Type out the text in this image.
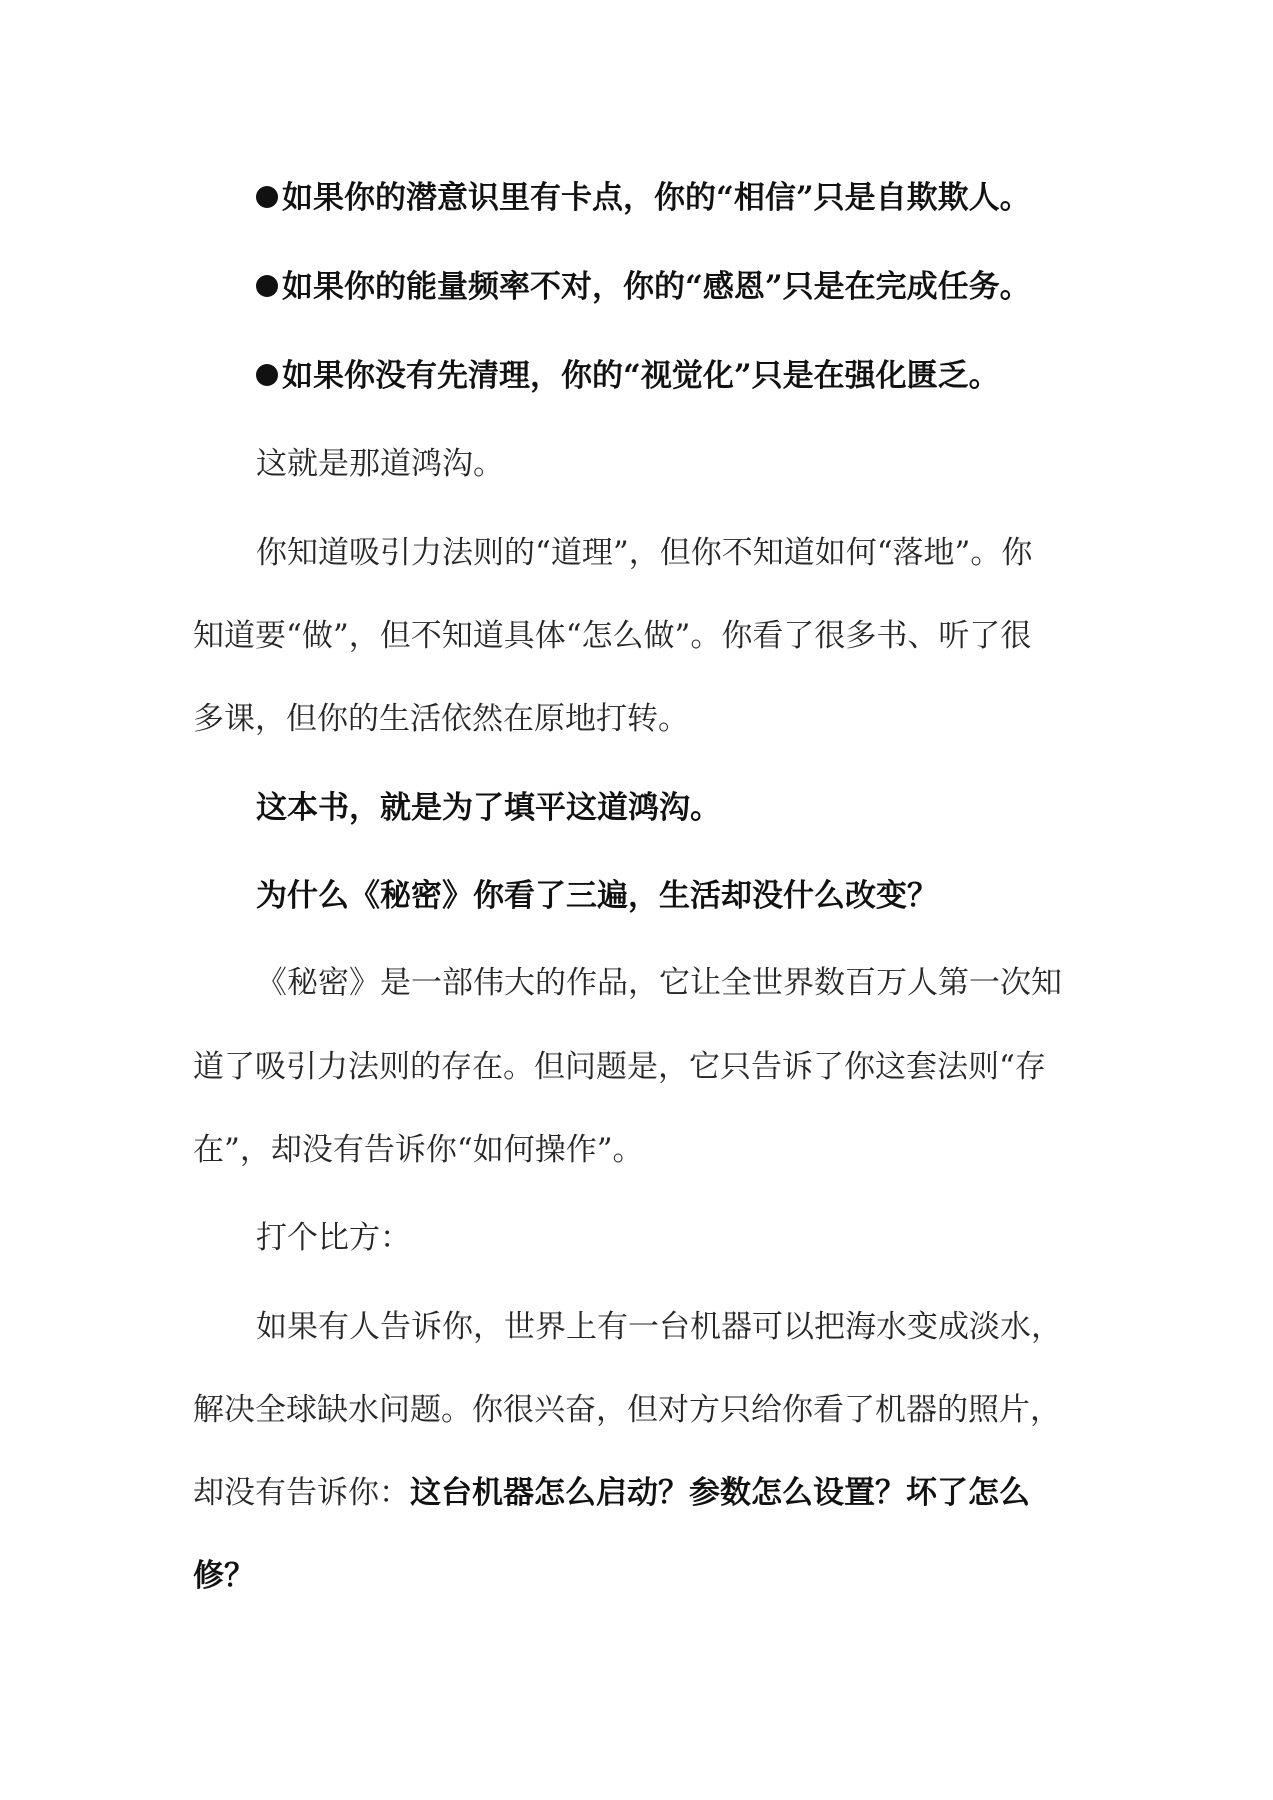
如果你的潜意识里有卡点，你的“相信”只是自欺欺人。
如果你的能量频率不对，你的“感恩”只是在完成任务。
如果你没有先清理，你的“视觉化”只是在强化匮乏。
这就是那道鸿沟。
你知道吸引力法则的“道理”，但你不知道如何“落地”。你
知道要“做”，但不知道具体“怎么做”。你看了很多书、听了很
多课，但你的生活依然在原地打转。
这本书，就是为了填平这道鸿沟。
为什么《秘密》你看了三遍，生活却没什么改变？
《秘密》是一部伟大的作品，它让全世界数百万人第一次知
道了吸引力法则的存在。但问题是，它只告诉了你这套法则“存
在”，却没有告诉你“如何操作”。
打个比方：
如果有人告诉你，世界上有一台机器可以把海水变成淡水，
解决全球缺水问题。你很兴奋，但对方只给你看了机器的照片，
却没有告诉你：这台机器怎么启动？参数怎么设置？坏了怎么
修？
